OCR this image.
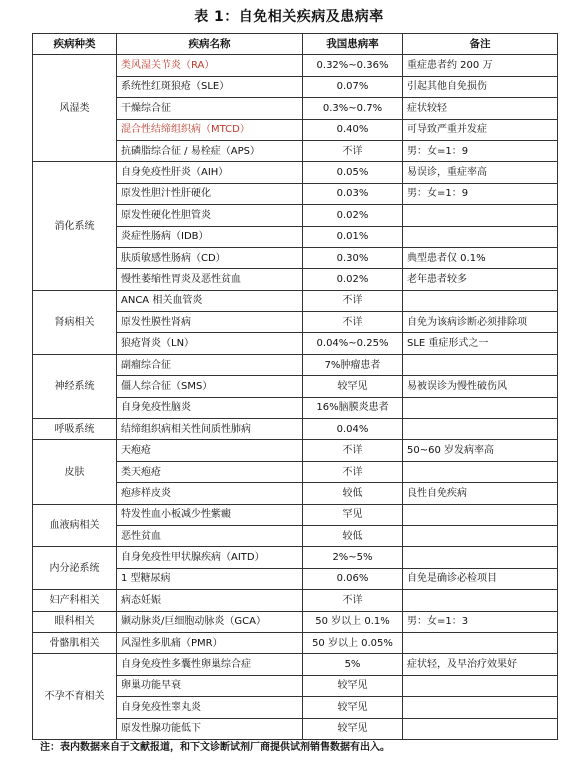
表 1：自免相关疾病及患病率
疾病种类	疾病名称	我国患病率	备注
风湿类	类风湿关节炎（RA）	0.32%~0.36%	重症患者约 200 万
	系统性红斑狼疮（SLE）	0.07%	引起其他自免损伤
	干燥综合征	0.3%~0.7%	症状较轻
	混合性结缔组织病（MTCD）	0.40%	可导致严重并发症
	抗磷脂综合征 / 易栓症（APS）	不详	男：女=1：9
消化系统	自身免疫性肝炎（AIH）	0.05%	易误诊，重症率高
	原发性胆汁性肝硬化	0.03%	男：女=1：9
	原发性硬化性胆管炎	0.02%	
	炎症性肠病（IDB）	0.01%	
	肤质敏感性肠病（CD）	0.30%	典型患者仅 0.1%
	慢性萎缩性胃炎及恶性贫血	0.02%	老年患者较多
肾病相关	ANCA 相关血管炎	不详	
	原发性膜性肾病	不详	自免为该病诊断必须排除项
	狼疮肾炎（LN）	0.04%~0.25%	SLE 重症形式之一
神经系统	副瘤综合征	7%肿瘤患者	
	僵人综合征（SMS）	较罕见	易被误诊为慢性破伤风
	自身免疫性脑炎	16%脑膜炎患者	
呼吸系统	结缔组织病相关性间质性肺病	0.04%	
皮肤	天疱疮	不详	50~60 岁发病率高
	类天疱疮	不详	
	疱疹样皮炎	较低	良性自免疾病
血液病相关	特发性血小板减少性紫癜	罕见	
	恶性贫血	较低	
内分泌系统	自身免疫性甲状腺疾病（AITD）	2%~5%	
	1 型糖尿病	0.06%	自免是确诊必检项目
妇产科相关	病态妊娠	不详	
眼科相关	颞动脉炎/巨细胞动脉炎（GCA）	50 岁以上 0.1%	男：女=1：3
骨骼肌相关	风湿性多肌痛（PMR）	50 岁以上 0.05%	
不孕不育相关	自身免疫性多囊性卵巢综合症	5%	症状轻，及早治疗效果好
	卵巢功能早衰	较罕见	
	自身免疫性睾丸炎	较罕见	
	原发性腺功能低下	较罕见	
注：表内数据来自于文献报道，和下文诊断试剂厂商提供试剂销售数据有出入。
